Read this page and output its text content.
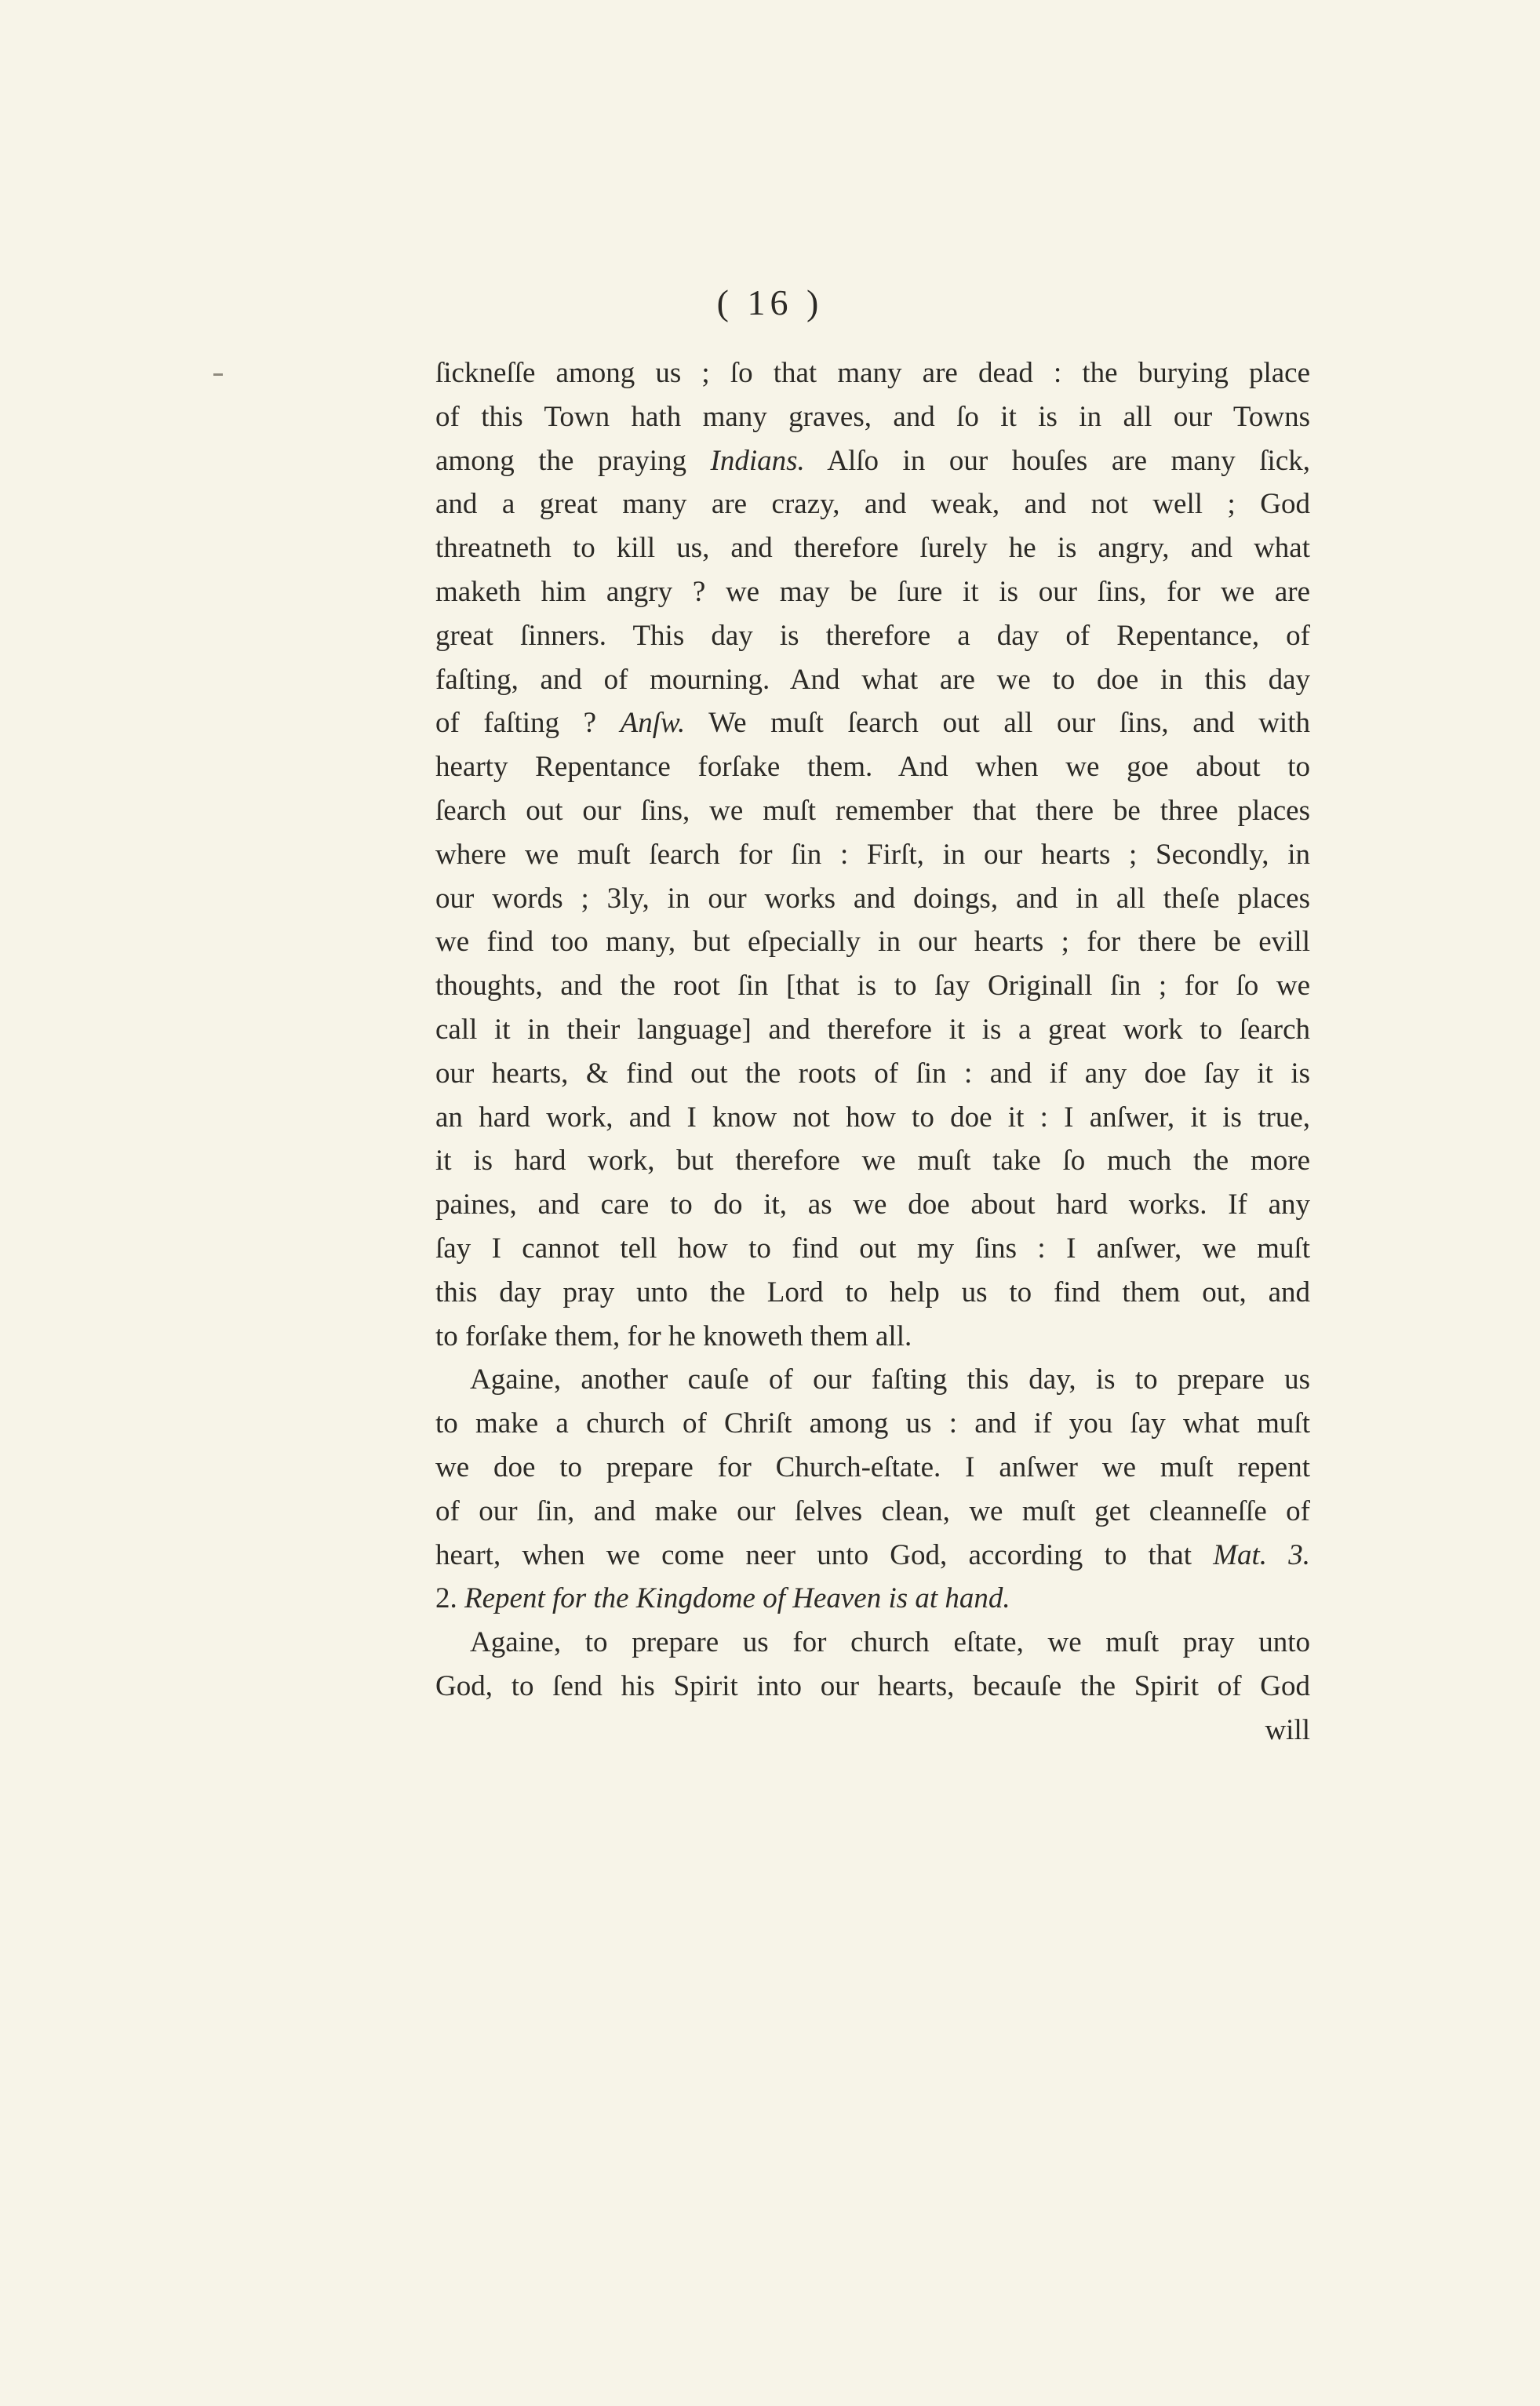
( 16 )
ſickneſſe among us ; ſo that many are dead : the burying place
of this Town hath many graves, and ſo it is in all our Towns
among the praying Indians. Alſo in our houſes are many ſick,
and a great many are crazy, and weak, and not well ; God
threatneth to kill us, and therefore ſurely he is angry, and what
maketh him angry ? we may be ſure it is our ſins, for we are
great ſinners. This day is therefore a day of Repentance, of
faſting, and of mourning. And what are we to doe in this day
of faſting ? Anſw. We muſt ſearch out all our ſins, and with
hearty Repentance forſake them. And when we goe about to
ſearch out our ſins, we muſt remember that there be three places
where we muſt ſearch for ſin : Firſt, in our hearts ; Secondly, in
our words ; 3ly, in our works and doings, and in all theſe places
we find too many, but eſpecially in our hearts ; for there be evill
thoughts, and the root ſin [that is to ſay Originall ſin ; for ſo we
call it in their language] and therefore it is a great work to ſearch
our hearts, & find out the roots of ſin : and if any doe ſay it is
an hard work, and I know not how to doe it : I anſwer, it is true,
it is hard work, but therefore we muſt take ſo much the more
paines, and care to do it, as we doe about hard works. If any
ſay I cannot tell how to find out my ſins : I anſwer, we muſt
this day pray unto the Lord to help us to find them out, and
to forſake them, for he knoweth them all.
Againe, another cauſe of our faſting this day, is to prepare us
to make a church of Chriſt among us : and if you ſay what muſt
we doe to prepare for Church-eſtate. I anſwer we muſt repent
of our ſin, and make our ſelves clean, we muſt get cleanneſſe of
heart, when we come neer unto God, according to that Mat. 3.
2. Repent for the Kingdome of Heaven is at hand.
Againe, to prepare us for church eſtate, we muſt pray unto
God, to ſend his Spirit into our hearts, becauſe the Spirit of God
will
